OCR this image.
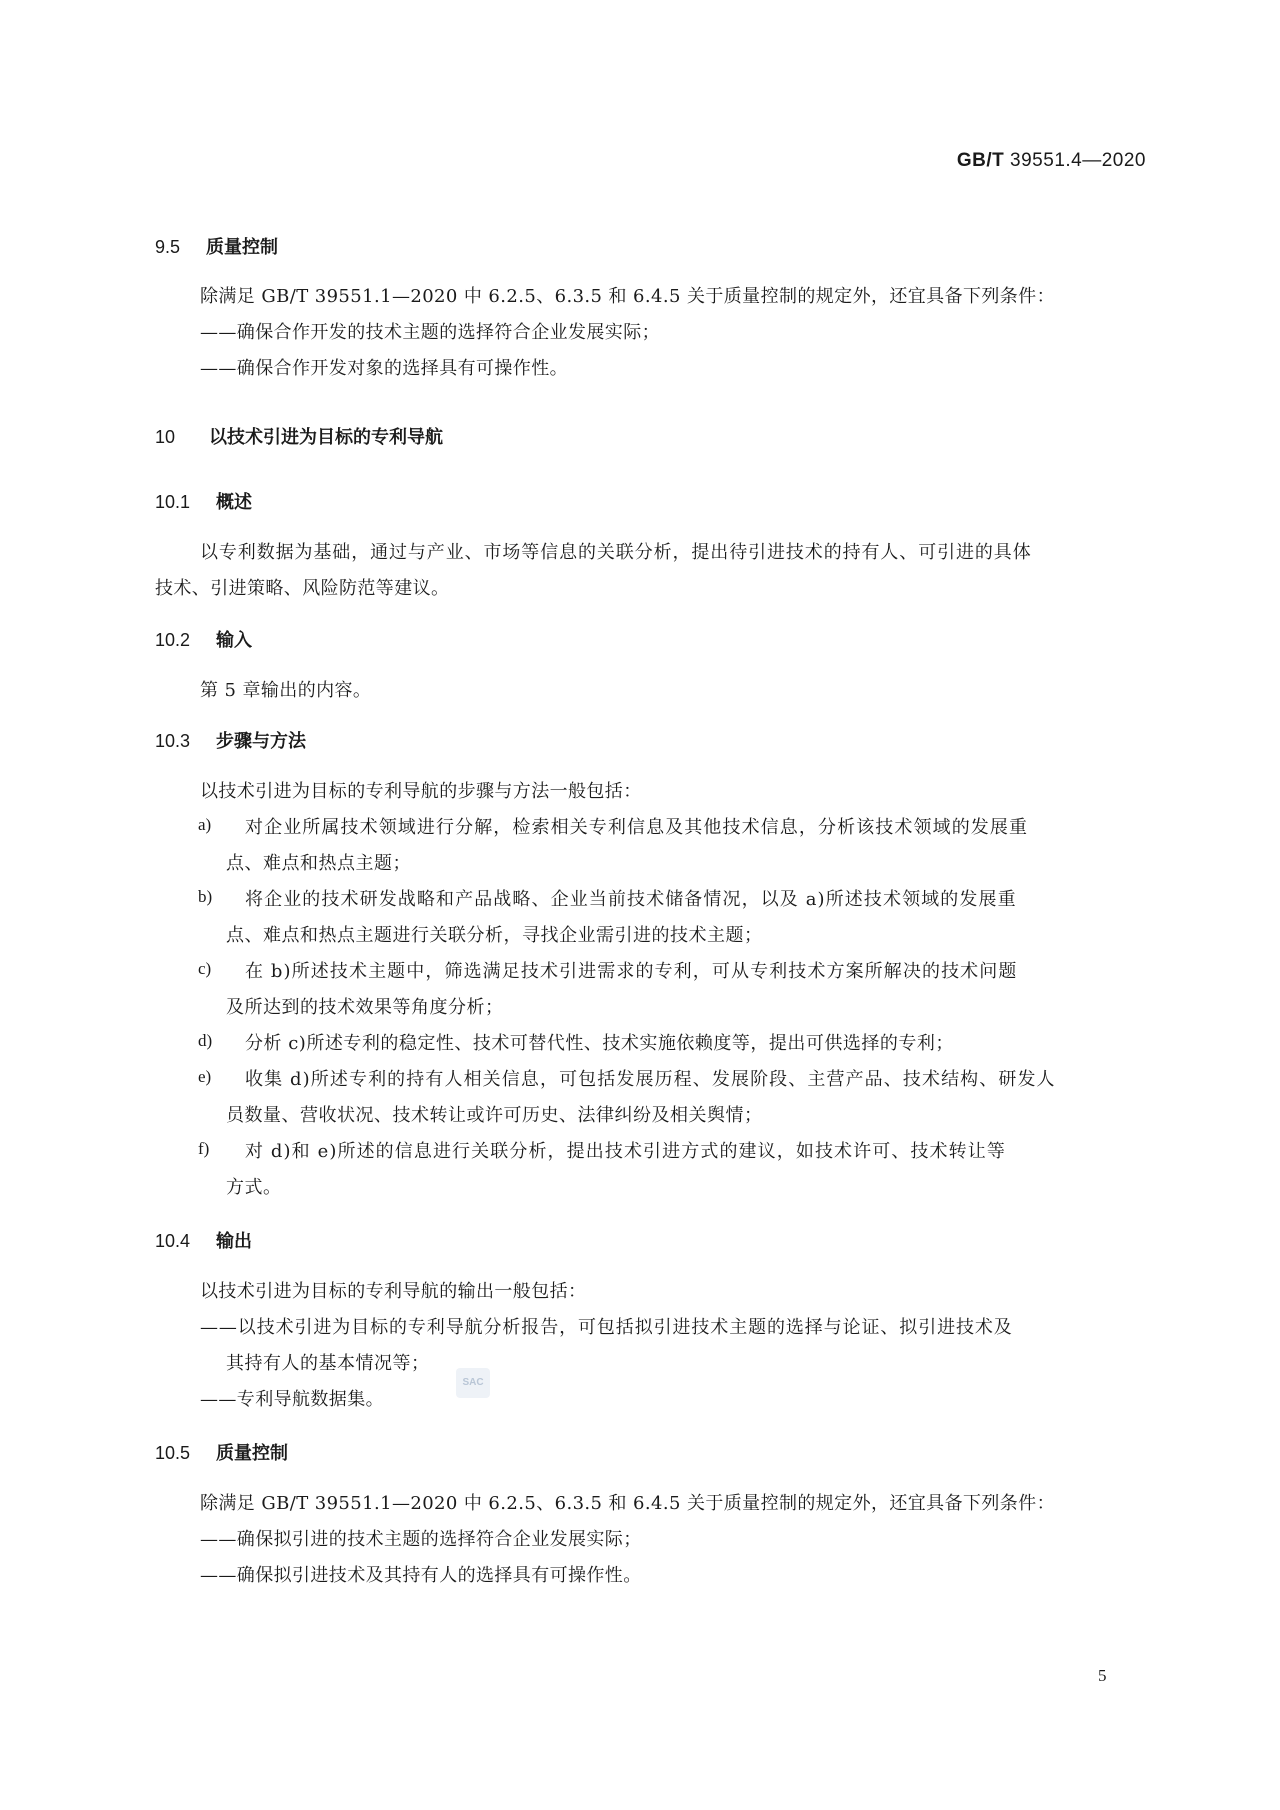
GB/T 39551.4—2020
9.5 质量控制
除满足 GB/T 39551.1—2020 中 6.2.5、6.3.5 和 6.4.5 关于质量控制的规定外，还宜具备下列条件：
——确保合作开发的技术主题的选择符合企业发展实际；
——确保合作开发对象的选择具有可操作性。
10 以技术引进为目标的专利导航
10.1 概述
以专利数据为基础，通过与产业、市场等信息的关联分析，提出待引进技术的持有人、可引进的具体
技术、引进策略、风险防范等建议。
10.2 输入
第 5 章输出的内容。
10.3 步骤与方法
以技术引进为目标的专利导航的步骤与方法一般包括：
a) 对企业所属技术领域进行分解，检索相关专利信息及其他技术信息，分析该技术领域的发展重
点、难点和热点主题；
b) 将企业的技术研发战略和产品战略、企业当前技术储备情况，以及 a)所述技术领域的发展重
点、难点和热点主题进行关联分析，寻找企业需引进的技术主题；
c) 在 b)所述技术主题中，筛选满足技术引进需求的专利，可从专利技术方案所解决的技术问题
及所达到的技术效果等角度分析；
d) 分析 c)所述专利的稳定性、技术可替代性、技术实施依赖度等，提出可供选择的专利；
e) 收集 d)所述专利的持有人相关信息，可包括发展历程、发展阶段、主营产品、技术结构、研发人
员数量、营收状况、技术转让或许可历史、法律纠纷及相关舆情；
f) 对 d)和 e)所述的信息进行关联分析，提出技术引进方式的建议，如技术许可、技术转让等
方式。
10.4 输出
以技术引进为目标的专利导航的输出一般包括：
——以技术引进为目标的专利导航分析报告，可包括拟引进技术主题的选择与论证、拟引进技术及
其持有人的基本情况等；
——专利导航数据集。
SAC
10.5 质量控制
除满足 GB/T 39551.1—2020 中 6.2.5、6.3.5 和 6.4.5 关于质量控制的规定外，还宜具备下列条件：
——确保拟引进的技术主题的选择符合企业发展实际；
——确保拟引进技术及其持有人的选择具有可操作性。
5
